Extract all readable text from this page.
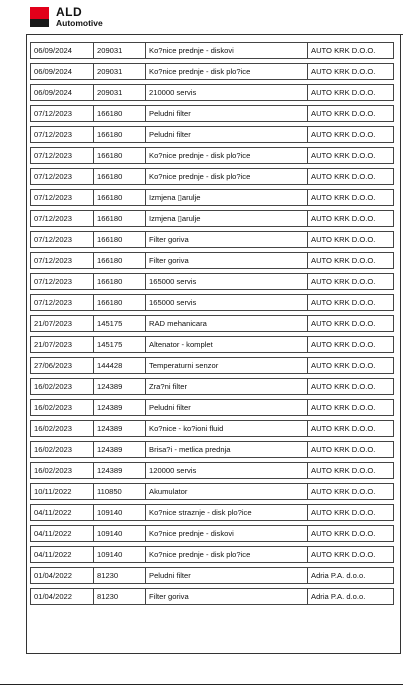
ALD
Automotive
06/09/2024	209031	Ko?nice prednje - diskovi	AUTO KRK D.O.O.
06/09/2024	209031	Ko?nice prednje - disk plo?ice	AUTO KRK D.O.O.
06/09/2024	209031	210000 servis	AUTO KRK D.O.O.
07/12/2023	166180	Peludni filter	AUTO KRK D.O.O.
07/12/2023	166180	Peludni filter	AUTO KRK D.O.O.
07/12/2023	166180	Ko?nice prednje - disk plo?ice	AUTO KRK D.O.O.
07/12/2023	166180	Ko?nice prednje - disk plo?ice	AUTO KRK D.O.O.
07/12/2023	166180	Izmjena ▯arulje	AUTO KRK D.O.O.
07/12/2023	166180	Izmjena ▯arulje	AUTO KRK D.O.O.
07/12/2023	166180	Filter goriva	AUTO KRK D.O.O.
07/12/2023	166180	Filter goriva	AUTO KRK D.O.O.
07/12/2023	166180	165000 servis	AUTO KRK D.O.O.
07/12/2023	166180	165000 servis	AUTO KRK D.O.O.
21/07/2023	145175	RAD mehanicara	AUTO KRK D.O.O.
21/07/2023	145175	Altenator - komplet	AUTO KRK D.O.O.
27/06/2023	144428	Temperaturni senzor	AUTO KRK D.O.O.
16/02/2023	124389	Zra?ni filter	AUTO KRK D.O.O.
16/02/2023	124389	Peludni filter	AUTO KRK D.O.O.
16/02/2023	124389	Ko?nice - ko?ioni fluid	AUTO KRK D.O.O.
16/02/2023	124389	Brisa?i - metlica prednja	AUTO KRK D.O.O.
16/02/2023	124389	120000 servis	AUTO KRK D.O.O.
10/11/2022	110850	Akumulator	AUTO KRK D.O.O.
04/11/2022	109140	Ko?nice straznje - disk plo?ice	AUTO KRK D.O.O.
04/11/2022	109140	Ko?nice prednje - diskovi	AUTO KRK D.O.O.
04/11/2022	109140	Ko?nice prednje - disk plo?ice	AUTO KRK D.O.O.
01/04/2022	81230	Peludni filter	Adria P.A. d.o.o.
01/04/2022	81230	Filter goriva	Adria P.A. d.o.o.
